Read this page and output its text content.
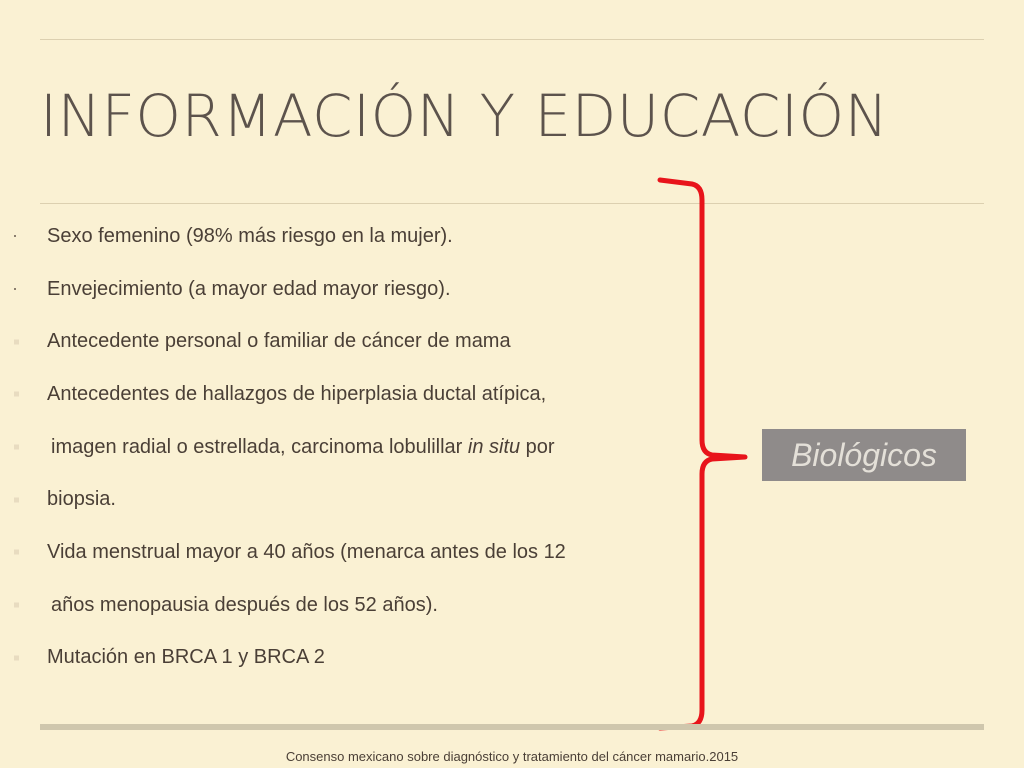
INFORMACIÓN Y EDUCACIÓN
Sexo femenino (98% más riesgo en la mujer).
Envejecimiento (a mayor edad mayor riesgo).
Antecedente personal o familiar de cáncer de mama
Antecedentes de hallazgos de hiperplasia ductal atípica,
imagen radial o estrellada, carcinoma lobulillar in situ por
biopsia.
Vida menstrual mayor a 40 años (menarca antes de los 12
años menopausia después de los 52 años).
Mutación en BRCA 1 y BRCA 2
Biológicos
Consenso mexicano sobre diagnóstico y tratamiento del cáncer mamario.2015
